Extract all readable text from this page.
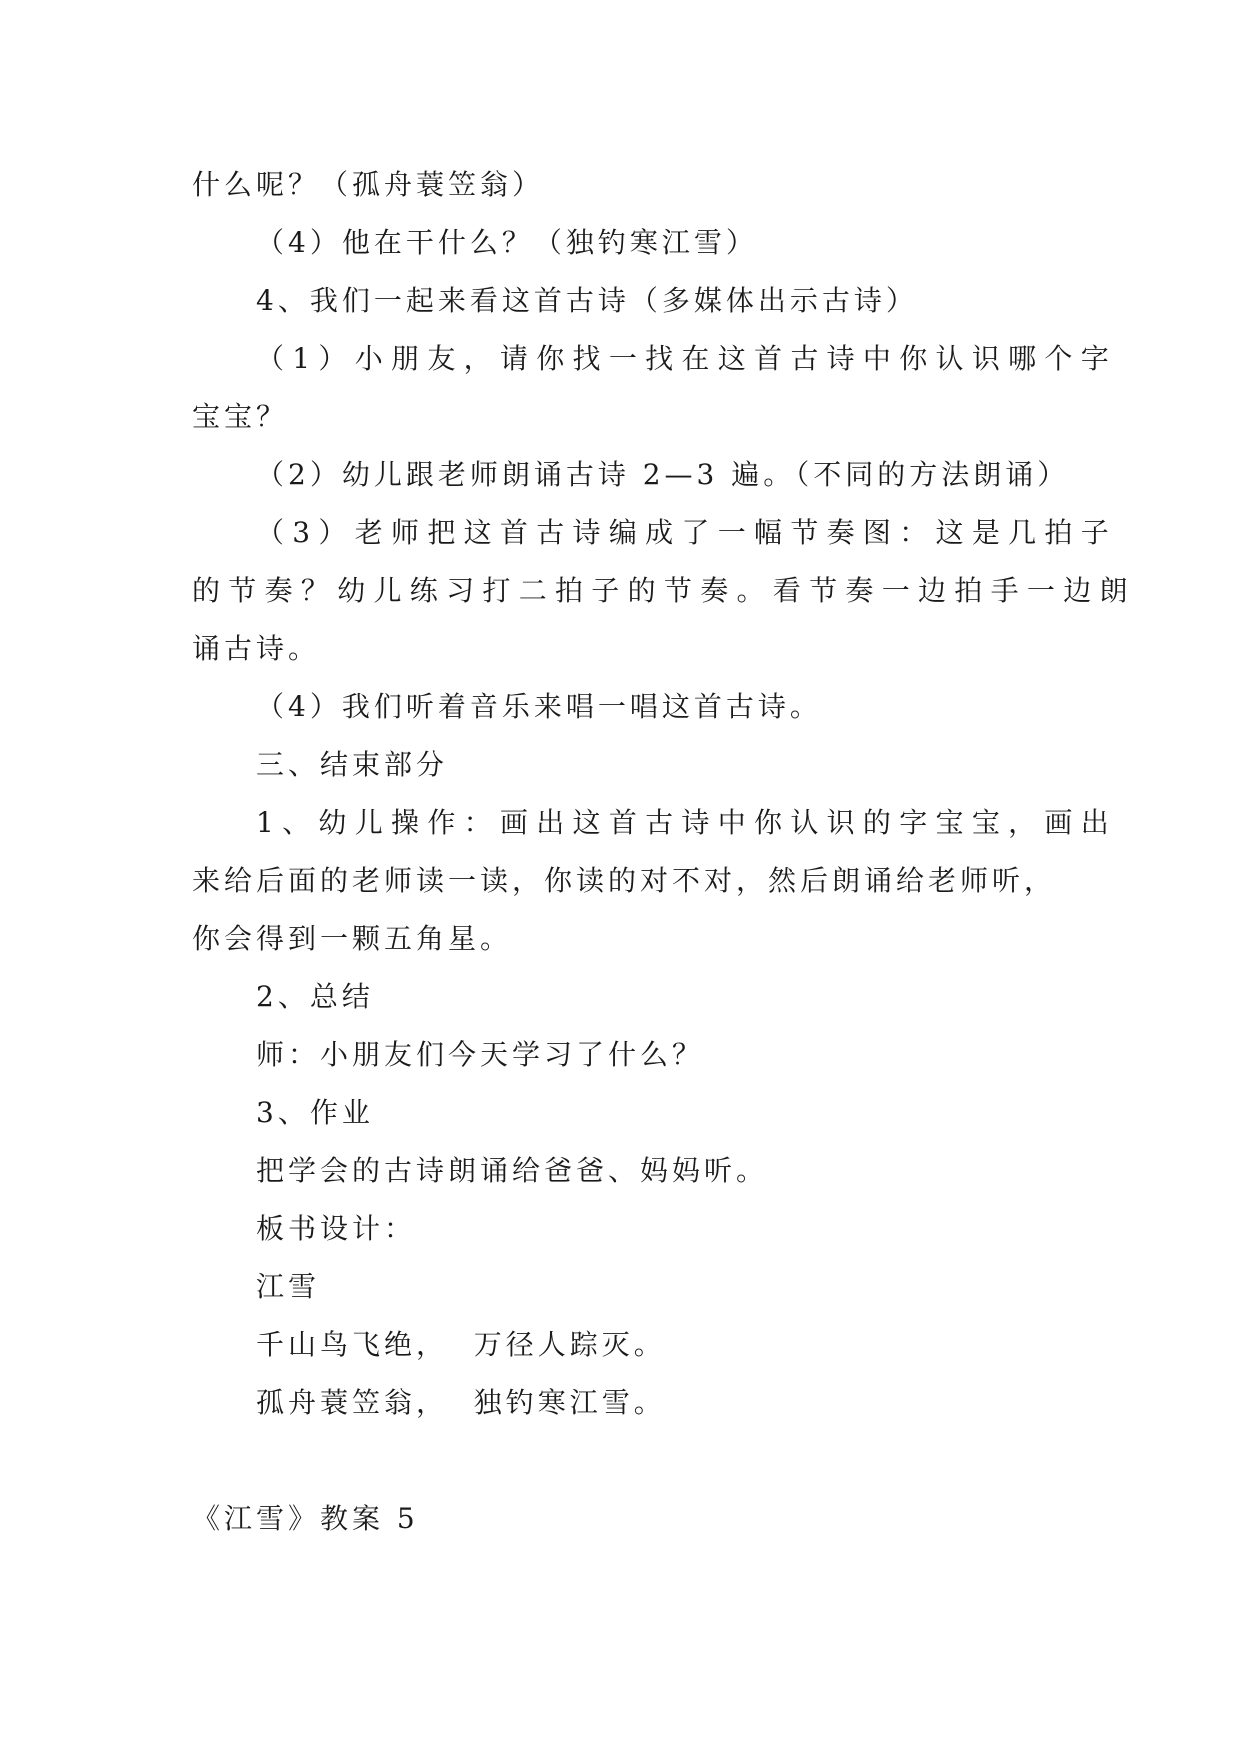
什么呢？（孤舟蓑笠翁）
（4）他在干什么？（独钓寒江雪）
4、我们一起来看这首古诗（多媒体出示古诗）
（1）小朋友，请你找一找在这首古诗中你认识哪个字
宝宝？
（2）幼儿跟老师朗诵古诗 2—3 遍。（不同的方法朗诵）
（3）老师把这首古诗编成了一幅节奏图：这是几拍子
的节奏？幼儿练习打二拍子的节奏。看节奏一边拍手一边朗
诵古诗。
（4）我们听着音乐来唱一唱这首古诗。
三、结束部分
1、幼儿操作：画出这首古诗中你认识的字宝宝，画出
来给后面的老师读一读，你读的对不对，然后朗诵给老师听，
你会得到一颗五角星。
2、总结
师：小朋友们今天学习了什么？
3、作业
把学会的古诗朗诵给爸爸、妈妈听。
板书设计：
江雪
千山鸟飞绝，  万径人踪灭。
孤舟蓑笠翁，  独钓寒江雪。
《江雪》教案 5
